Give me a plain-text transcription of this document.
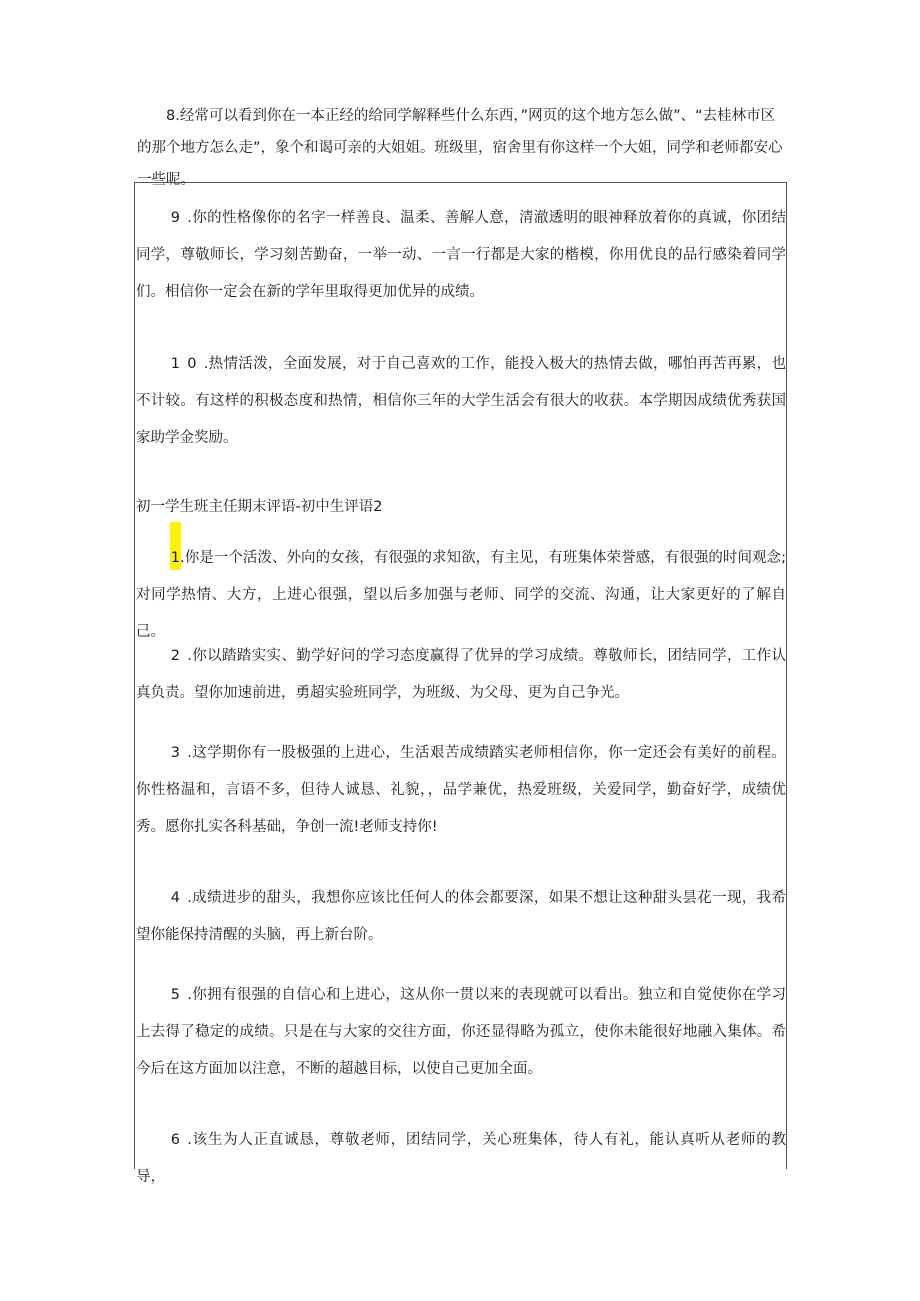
8.经常可以看到你在一本正经的给同学解释些什么东西，”网页的这个地方怎么做”、“去桂林市区的那个地方怎么走”，象个和谒可亲的大姐姐。班级里，宿舍里有你这样一个大姐，同学和老师都安心一些呢。

9.你的性格像你的名字一样善良、温柔、善解人意，清澈透明的眼神释放着你的真诚，你团结同学，尊敬师长，学习刻苦勤奋，一举一动、一言一行都是大家的楷模，你用优良的品行感染着同学们。相信你一定会在新的学年里取得更加优异的成绩。

10.热情活泼，全面发展，对于自己喜欢的工作，能投入极大的热情去做，哪怕再苦再累，也不计较。有这样的积极态度和热情，相信你三年的大学生活会有很大的收获。本学期因成绩优秀获国家助学金奖励。

初一学生班主任期末评语-初中生评语2

1.你是一个活泼、外向的女孩，有很强的求知欲，有主见，有班集体荣誉感，有很强的时间观念;对同学热情、大方，上进心很强，望以后多加强与老师、同学的交流、沟通，让大家更好的了解自己。

2.你以踏踏实实、勤学好问的学习态度赢得了优异的学习成绩。尊敬师长，团结同学，工作认真负责。望你加速前进，勇超实验班同学，为班级、为父母、更为自己争光。

3.这学期你有一股极强的上进心，生活艰苦成绩踏实老师相信你，你一定还会有美好的前程。你性格温和，言语不多，但待人诚恳、礼貌，，品学兼优，热爱班级，关爱同学，勤奋好学，成绩优秀。愿你扎实各科基础，争创一流!老师支持你!

4.成绩进步的甜头，我想你应该比任何人的体会都要深，如果不想让这种甜头昙花一现，我希望你能保持清醒的头脑，再上新台阶。

5.你拥有很强的自信心和上进心，这从你一贯以来的表现就可以看出。独立和自觉使你在学习上去得了稳定的成绩。只是在与大家的交往方面，你还显得略为孤立，使你未能很好地融入集体。希今后在这方面加以注意，不断的超越目标，以使自己更加全面。

6.该生为人正直诚恳，尊敬老师，团结同学，关心班集体，待人有礼，能认真听从老师的教导，
